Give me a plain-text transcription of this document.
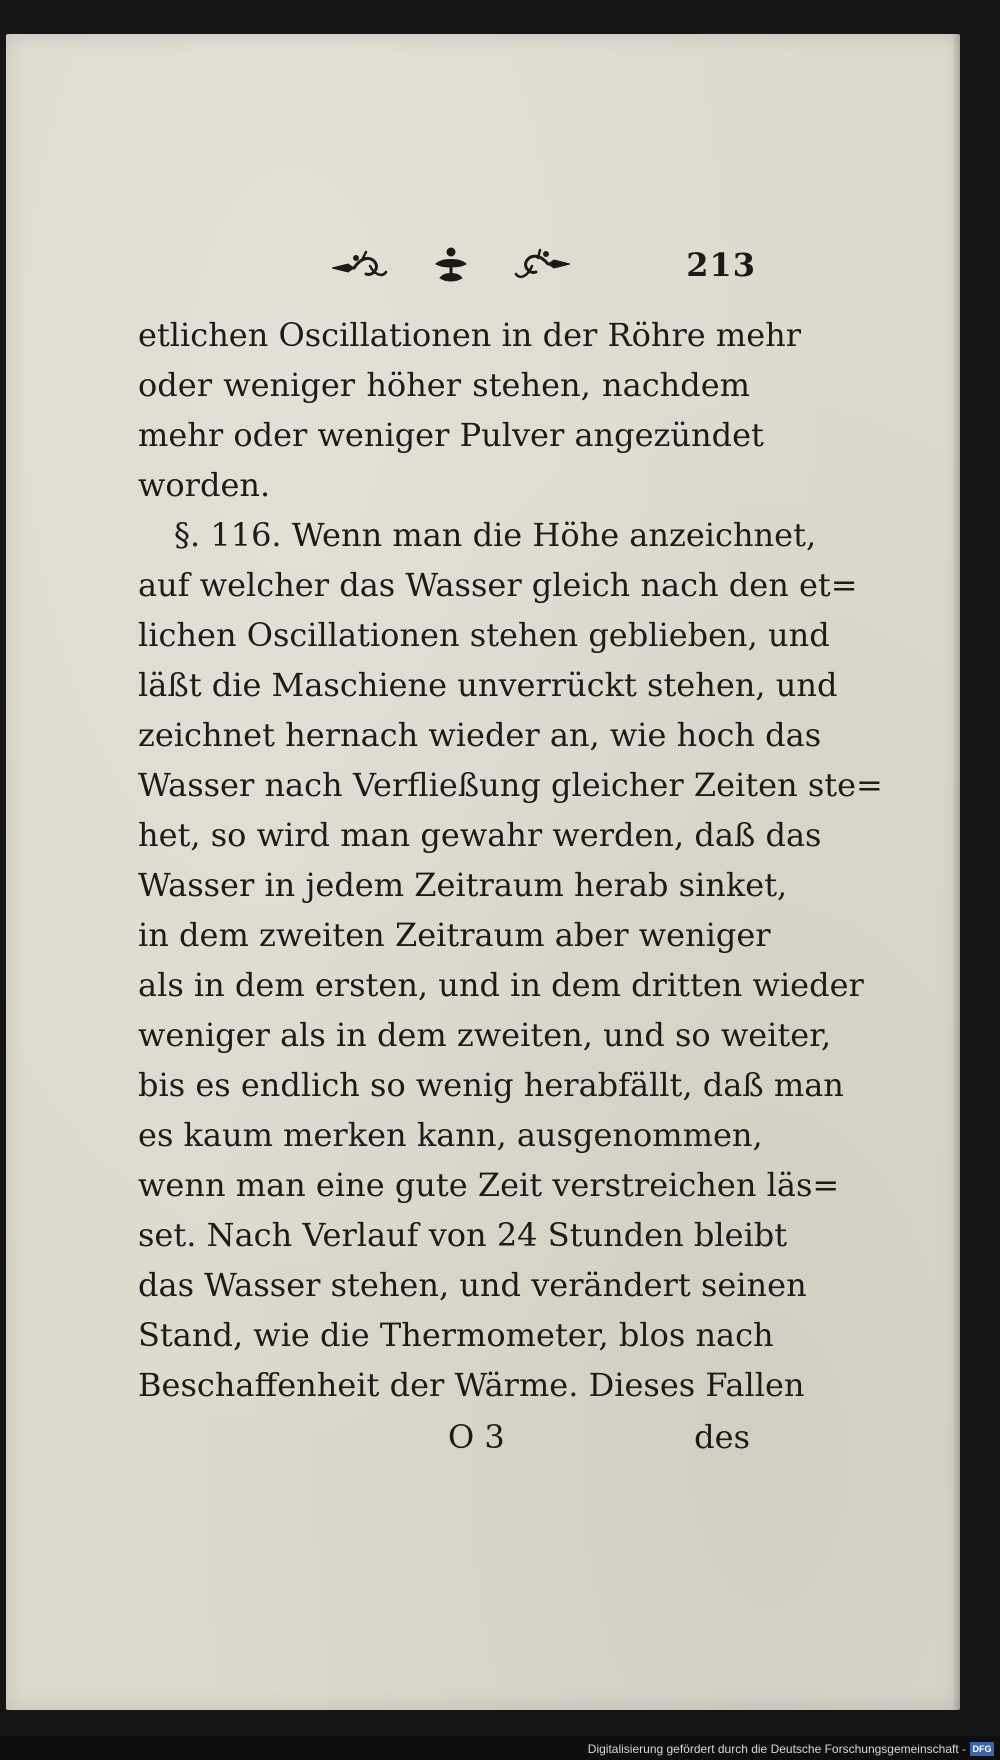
213
etlichen Oscillationen in der Röhre mehr
oder weniger höher stehen, nachdem
mehr oder weniger Pulver angezündet
worden.
§. 116. Wenn man die Höhe anzeichnet,
auf welcher das Wasser gleich nach den et=
lichen Oscillationen stehen geblieben, und
läßt die Maschiene unverrückt stehen, und
zeichnet hernach wieder an, wie hoch das
Wasser nach Verfließung gleicher Zeiten ste=
het, so wird man gewahr werden, daß das
Wasser in jedem Zeitraum herab sinket,
in dem zweiten Zeitraum aber weniger
als in dem ersten, und in dem dritten wieder
weniger als in dem zweiten, und so weiter,
bis es endlich so wenig herabfällt, daß man
es kaum merken kann, ausgenommen,
wenn man eine gute Zeit verstreichen läs=
set. Nach Verlauf von 24 Stunden bleibt
das Wasser stehen, und verändert seinen
Stand, wie die Thermometer, blos nach
Beschaffenheit der Wärme. Dieses Fallen
O 3	des
Digitalisierung gefördert durch die Deutsche Forschungsgemeinschaft - DFG
